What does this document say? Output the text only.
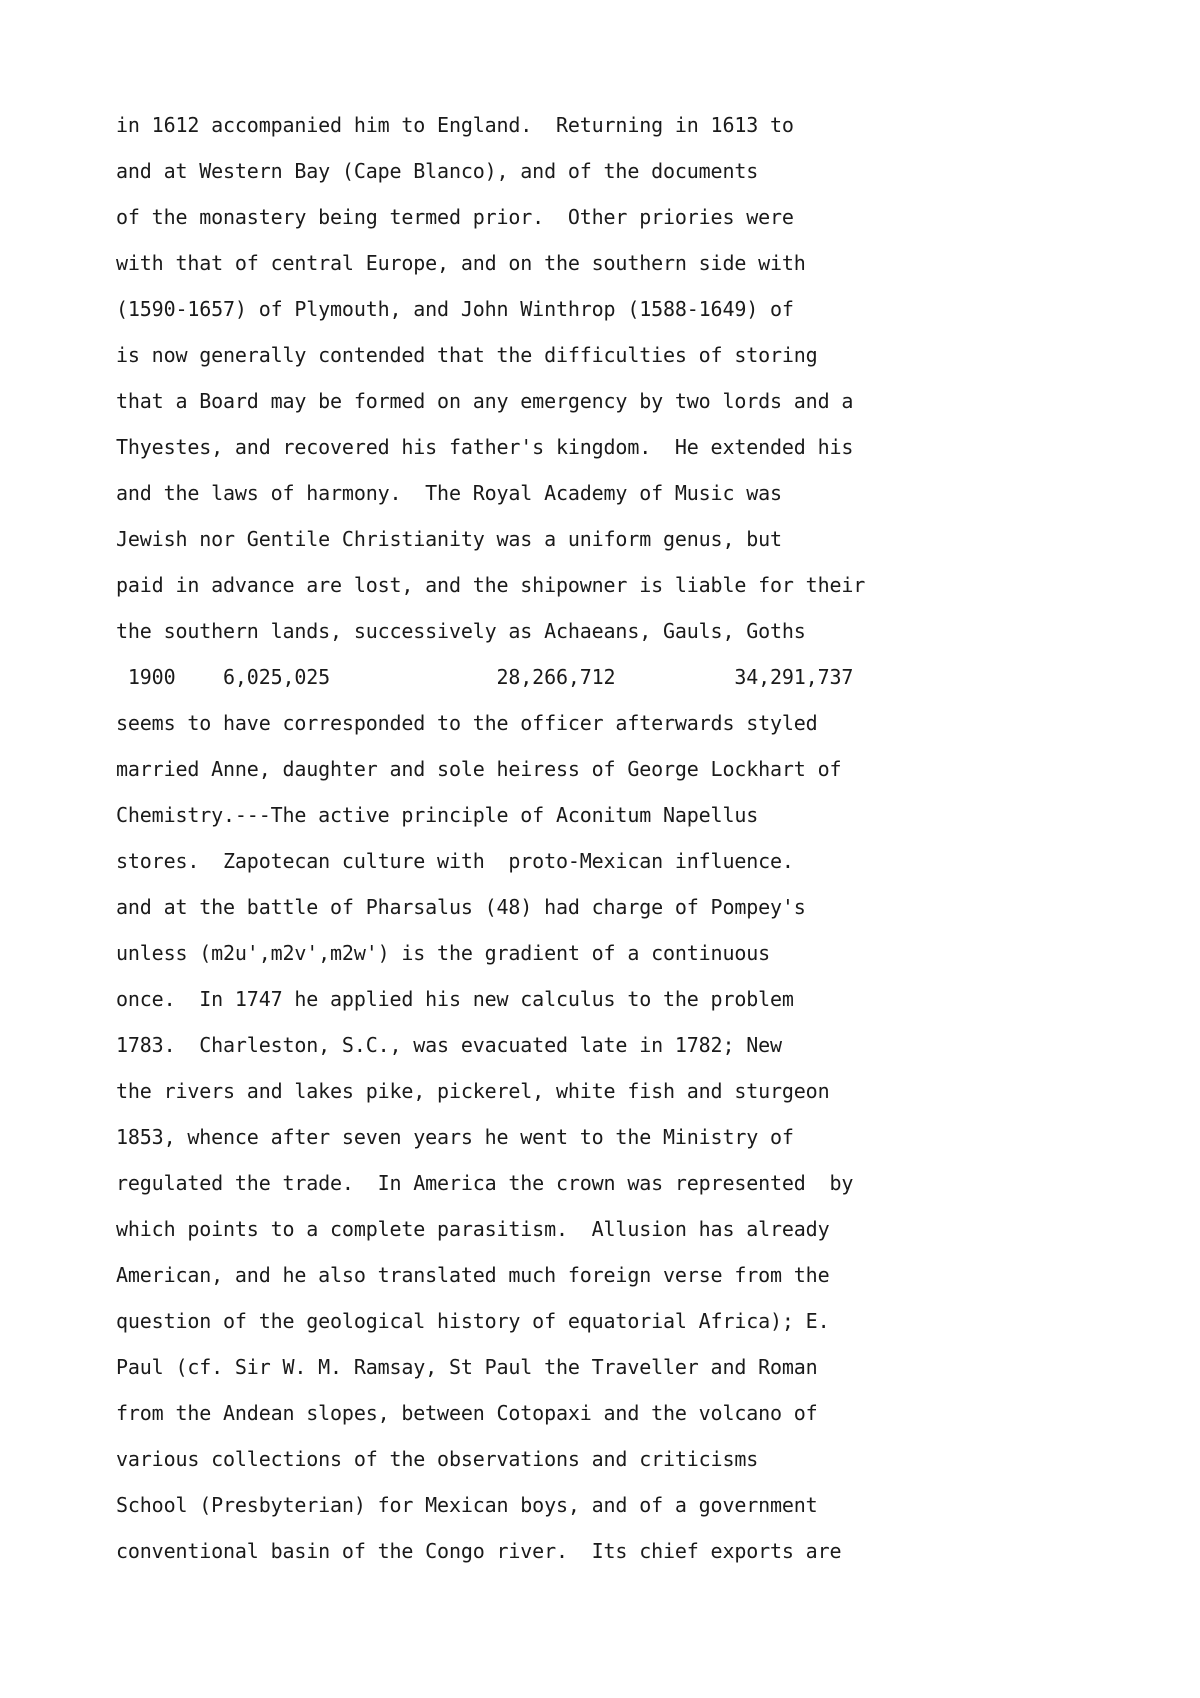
in 1612 accompanied him to England.  Returning in 1613 to
and at Western Bay (Cape Blanco), and of the documents
of the monastery being termed prior.  Other priories were
with that of central Europe, and on the southern side with
(1590-1657) of Plymouth, and John Winthrop (1588-1649) of
is now generally contended that the difficulties of storing
that a Board may be formed on any emergency by two lords and a
Thyestes, and recovered his father's kingdom.  He extended his
and the laws of harmony.  The Royal Academy of Music was
Jewish nor Gentile Christianity was a uniform genus, but
paid in advance are lost, and the shipowner is liable for their
the southern lands, successively as Achaeans, Gauls, Goths
1900    6,025,025              28,266,712          34,291,737
seems to have corresponded to the officer afterwards styled
married Anne, daughter and sole heiress of George Lockhart of
Chemistry.---The active principle of Aconitum Napellus
stores.  Zapotecan culture with  proto-Mexican influence.
and at the battle of Pharsalus (48) had charge of Pompey's
unless (m2u',m2v',m2w') is the gradient of a continuous
once.  In 1747 he applied his new calculus to the problem
1783.  Charleston, S.C., was evacuated late in 1782; New
the rivers and lakes pike, pickerel, white fish and sturgeon
1853, whence after seven years he went to the Ministry of
regulated the trade.  In America the crown was represented  by
which points to a complete parasitism.  Allusion has already
American, and he also translated much foreign verse from the
question of the geological history of equatorial Africa); E.
Paul (cf. Sir W. M. Ramsay, St Paul the Traveller and Roman
from the Andean slopes, between Cotopaxi and the volcano of
various collections of the observations and criticisms
School (Presbyterian) for Mexican boys, and of a government
conventional basin of the Congo river.  Its chief exports are
